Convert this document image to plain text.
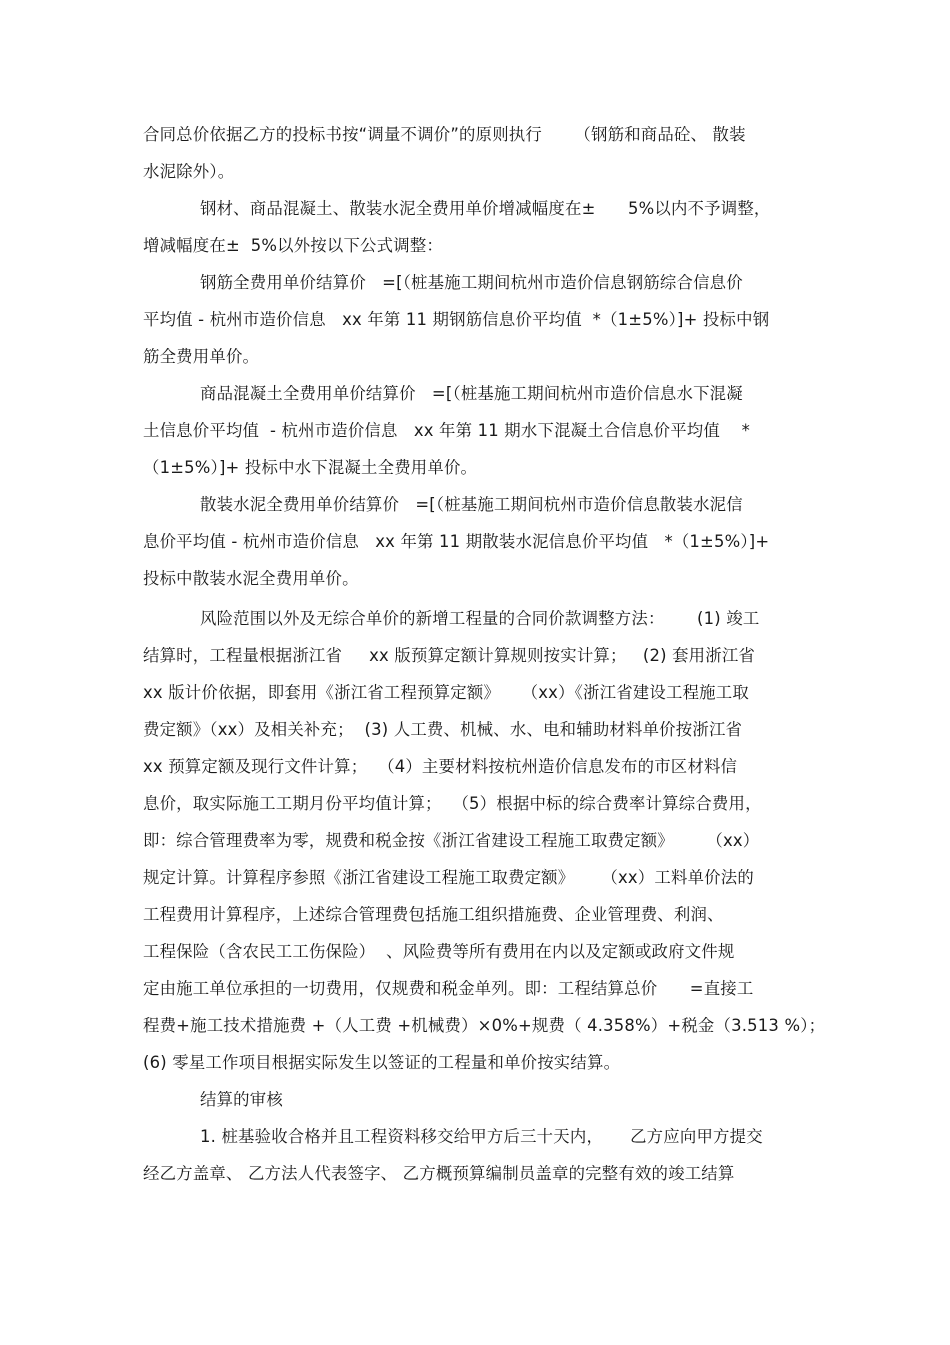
合同总价依据乙方的投标书按“调量不调价”的原则执行      （钢筋和商品砼、 散装
水泥除外）。
钢材、商品混凝土、散装水泥全费用单价增减幅度在±      5%以内不予调整，
增减幅度在±  5%以外按以下公式调整：
钢筋全费用单价结算价   =[（桩基施工期间杭州市造价信息钢筋综合信息价
平均值 - 杭州市造价信息   xx 年第 11 期钢筋信息价平均值  *（1±5%）]+ 投标中钢
筋全费用单价。
商品混凝土全费用单价结算价   =[（桩基施工期间杭州市造价信息水下混凝
土信息价平均值  - 杭州市造价信息   xx 年第 11 期水下混凝土合信息价平均值    *
（1±5%）]+ 投标中水下混凝土全费用单价。
散装水泥全费用单价结算价   =[（桩基施工期间杭州市造价信息散装水泥信
息价平均值 - 杭州市造价信息   xx 年第 11 期散装水泥信息价平均值   *（1±5%）]+
投标中散装水泥全费用单价。
风险范围以外及无综合单价的新增工程量的合同价款调整方法：      (1) 竣工
结算时，工程量根据浙江省     xx 版预算定额计算规则按实计算；   (2) 套用浙江省
xx 版计价依据，即套用《浙江省工程预算定额》    （xx）《浙江省建设工程施工取
费定额》（xx）及相关补充；  (3) 人工费、机械、水、电和辅助材料单价按浙江省
xx 预算定额及现行文件计算；  （4）主要材料按杭州造价信息发布的市区材料信
息价，取实际施工工期月份平均值计算；  （5）根据中标的综合费率计算综合费用，
即：综合管理费率为零，规费和税金按《浙江省建设工程施工取费定额》      （xx）
规定计算。计算程序参照《浙江省建设工程施工取费定额》     （xx）工料单价法的
工程费用计算程序，上述综合管理费包括施工组织措施费、企业管理费、利润、
工程保险（含农民工工伤保险）  、风险费等所有费用在内以及定额或政府文件规
定由施工单位承担的一切费用，仅规费和税金单列。即：工程结算总价      =直接工
程费+施工技术措施费 +（人工费 +机械费）×0%+规费（ 4.358%）+税金（3.513 %）；
(6) 零星工作项目根据实际发生以签证的工程量和单价按实结算。
结算的审核
1. 桩基验收合格并且工程资料移交给甲方后三十天内，     乙方应向甲方提交
经乙方盖章、 乙方法人代表签字、 乙方概预算编制员盖章的完整有效的竣工结算
